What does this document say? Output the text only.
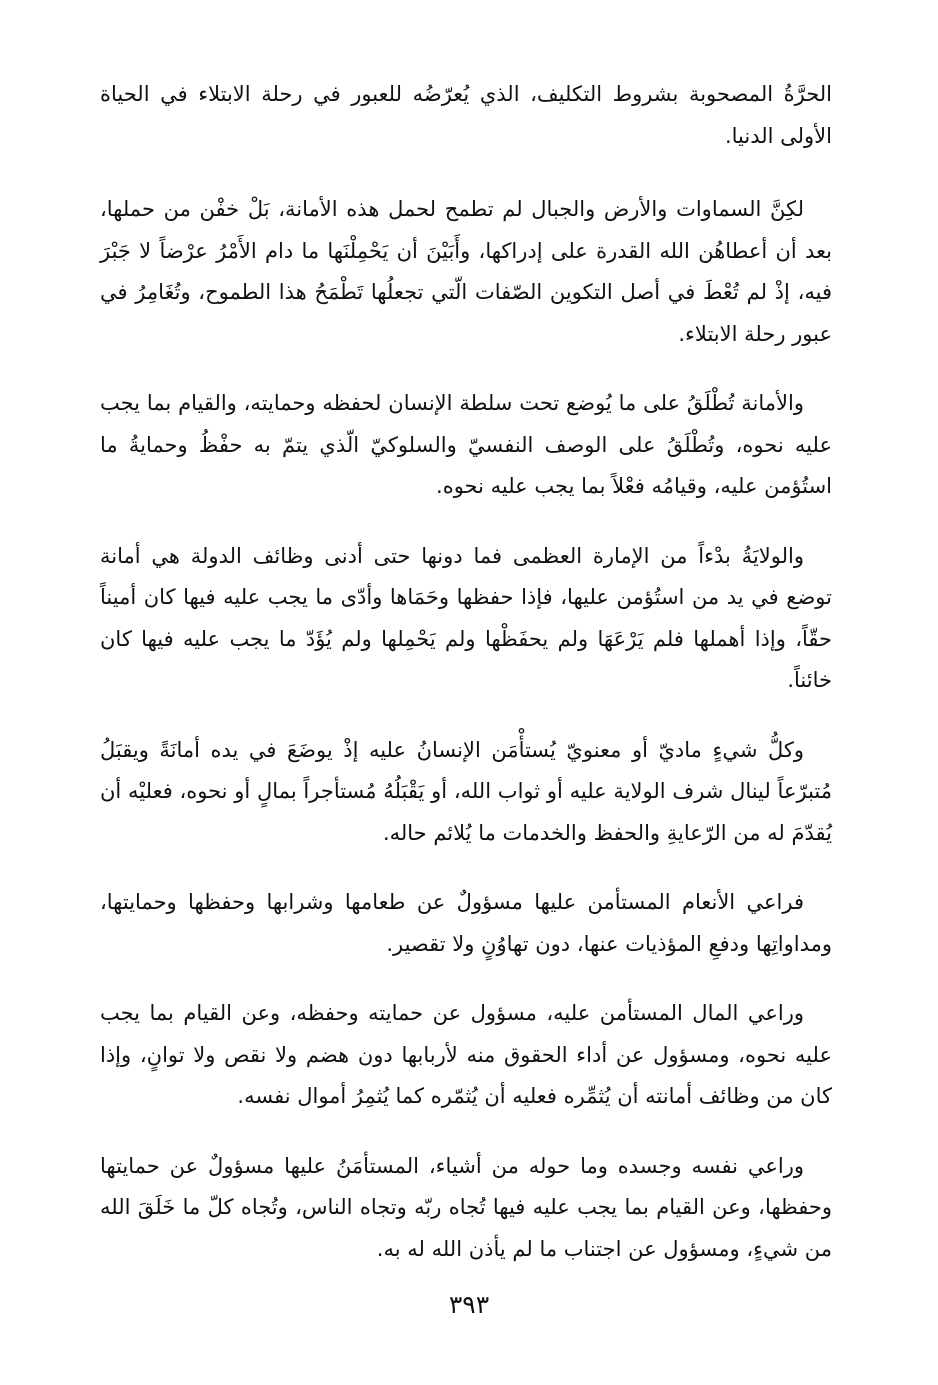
الحرَّةُ المصحوبة بشروط التكليف، الذي يُعرّضُه للعبور في رحلة الابتلاء في الحياة الأولى الدنيا.

لكِنَّ السماوات والأرض والجبال لم تطمح لحمل هذه الأمانة، بَلْ خفْن من حملها، بعد أن أعطاهُن الله القدرة على إدراكها، وأَبَيْنَ أن يَحْمِلْنَها ما دام الأَمْرُ عرْضاً لا جَبْرَ فيه، إذْ لم تُعْطَ في أصل التكوين الصّفات الّتي تجعلُها تَطْمَحُ هذا الطموح، وتُغَامِرُ في عبور رحلة الابتلاء.

والأمانة تُطْلَقُ على ما يُوضع تحت سلطة الإنسان لحفظه وحمايته، والقيام بما يجب عليه نحوه، وتُطْلَقُ على الوصف النفسيّ والسلوكيّ الّذي يتمّ به حفْظُ وحمايةُ ما استُؤمن عليه، وقيامُه فعْلاً بما يجب عليه نحوه.

والولايَةُ بدْءاً من الإمارة العظمى فما دونها حتى أدنى وظائف الدولة هي أمانة توضع في يد من استُؤمن عليها، فإذا حفظها وحَمَاها وأدّى ما يجب عليه فيها كان أميناً حقّاً، وإذا أهملها فلم يَرْعَهَا ولم يحفَظْها ولم يَحْمِلها ولم يُؤَدّ ما يجب عليه فيها كان خائناً.

وكلُّ شيءٍ ماديّ أو معنويّ يُستأْمَن الإنسانُ عليه إذْ يوضَعَ في يده أمانَةً ويقبَلُ مُتبرّعاً لينال شرف الولاية عليه أو ثواب الله، أو يَقْبَلُهُ مُستأجراً بمالٍ أو نحوه، فعليْه أن يُقدّمَ له من الرّعايةِ والحفظ والخدمات ما يُلائم حاله.

فراعي الأنعام المستأمن عليها مسؤولٌ عن طعامها وشرابها وحفظها وحمايتها، ومداواتِها ودفعِ المؤذيات عنها، دون تهاوُنٍ ولا تقصير.

وراعي المال المستأمن عليه، مسؤول عن حمايته وحفظه، وعن القيام بما يجب عليه نحوه، ومسؤول عن أداء الحقوق منه لأربابها دون هضم ولا نقص ولا توانٍ، وإذا كان من وظائف أمانته أن يُثمِّره فعليه أن يُثمّره كما يُثمِرُ أموال نفسه.

وراعي نفسه وجسده وما حوله من أشياء، المستأمَنُ عليها مسؤولٌ عن حمايتها وحفظها، وعن القيام بما يجب عليه فيها تُجاه ربّه وتجاه الناس، وتُجاه كلّ ما خَلَقَ الله من شيءٍ، ومسؤول عن اجتناب ما لم يأذن الله له به.

٣٩٣
